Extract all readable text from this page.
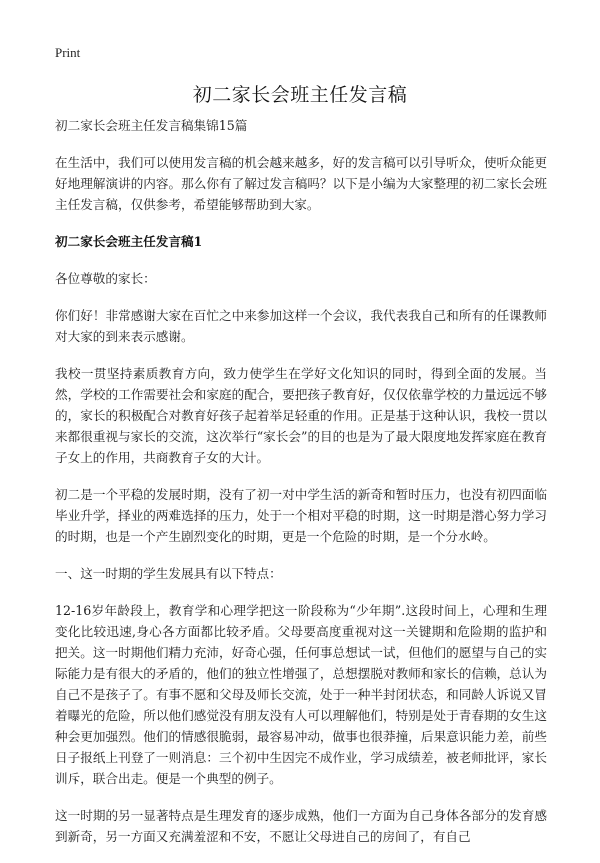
Print
初二家长会班主任发言稿

初二家长会班主任发言稿集锦15篇

在生活中，我们可以使用发言稿的机会越来越多，好的发言稿可以引导听众，使听众能更好地理解演讲的内容。那么你有了解过发言稿吗？以下是小编为大家整理的初二家长会班主任发言稿，仅供参考，希望能够帮助到大家。

初二家长会班主任发言稿1

各位尊敬的家长：

你们好！非常感谢大家在百忙之中来参加这样一个会议，我代表我自己和所有的任课教师对大家的到来表示感谢。

我校一贯坚持素质教育方向，致力使学生在学好文化知识的同时，得到全面的发展。当然，学校的工作需要社会和家庭的配合，要把孩子教育好，仅仅依靠学校的力量远远不够的，家长的积极配合对教育好孩子起着举足轻重的作用。正是基于这种认识，我校一贯以来都很重视与家长的交流，这次举行“家长会”的目的也是为了最大限度地发挥家庭在教育子女上的作用，共商教育子女的大计。

初二是一个平稳的发展时期，没有了初一对中学生活的新奇和暂时压力，也没有初四面临毕业升学，择业的两难选择的压力，处于一个相对平稳的时期，这一时期是潜心努力学习的时期，也是一个产生剧烈变化的时期，更是一个危险的时期，是一个分水岭。

一、这一时期的学生发展具有以下特点：

12-16岁年龄段上，教育学和心理学把这一阶段称为“少年期”.这段时间上，心理和生理变化比较迅速,身心各方面都比较矛盾。父母要高度重视对这一关键期和危险期的监护和把关。这一时期他们精力充沛，好奇心强，任何事总想试一试，但他们的愿望与自己的实际能力是有很大的矛盾的，他们的独立性增强了，总想摆脱对教师和家长的信赖，总认为自己不是孩子了。有事不愿和父母及师长交流，处于一种半封闭状态，和同龄人诉说又冒着曝光的危险，所以他们感觉没有朋友没有人可以理解他们，特别是处于青春期的女生这种会更加强烈。他们的情感很脆弱，最容易冲动，做事也很莽撞，后果意识能力差，前些日子报纸上刊登了一则消息：三个初中生因完不成作业，学习成绩差，被老师批评，家长训斥，联合出走。便是一个典型的例子。

这一时期的另一显著特点是生理发育的逐步成熟，他们一方面为自己身体各部分的发育感到新奇，另一方面又充满羞涩和不安，不愿让父母进自己的房间了，有自己
